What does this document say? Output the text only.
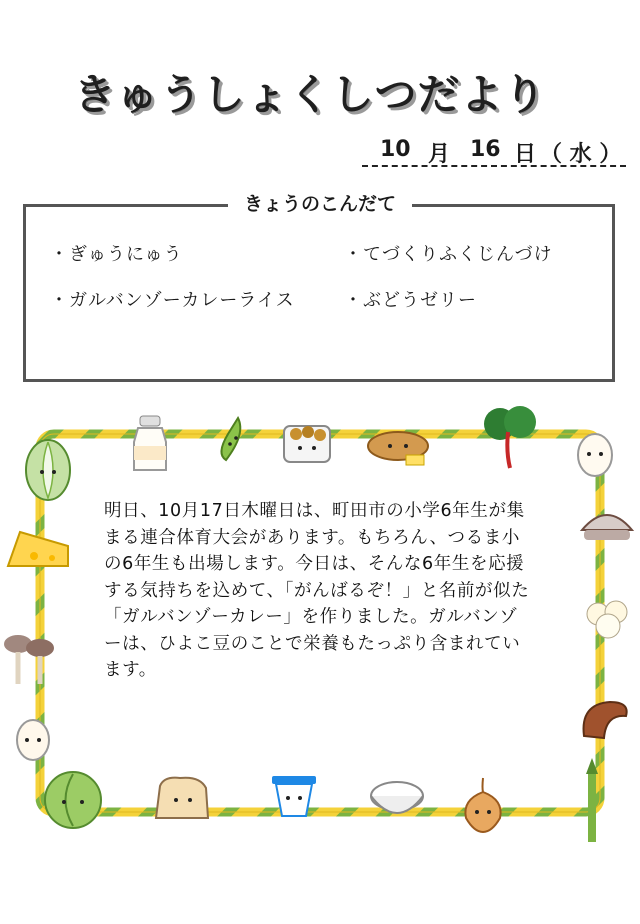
きゅうしょくしつだより
10 月 16 日 （ 水 ）
きょうのこんだて
・ぎゅうにゅう	・てづくりふくじんづけ
・ガルバンゾーカレーライス	・ぶどうゼリー
明日、10月17日木曜日は、町田市の小学6年生が集まる連合体育大会があります。もちろん、つるま小の6年生も出場します。今日は、そんな6年生を応援する気持ちを込めて、「がんばるぞ！」と名前が似た「ガルバンゾーカレー」を作りました。ガルバンゾーは、ひよこ豆のことで栄養もたっぷり含まれています。
